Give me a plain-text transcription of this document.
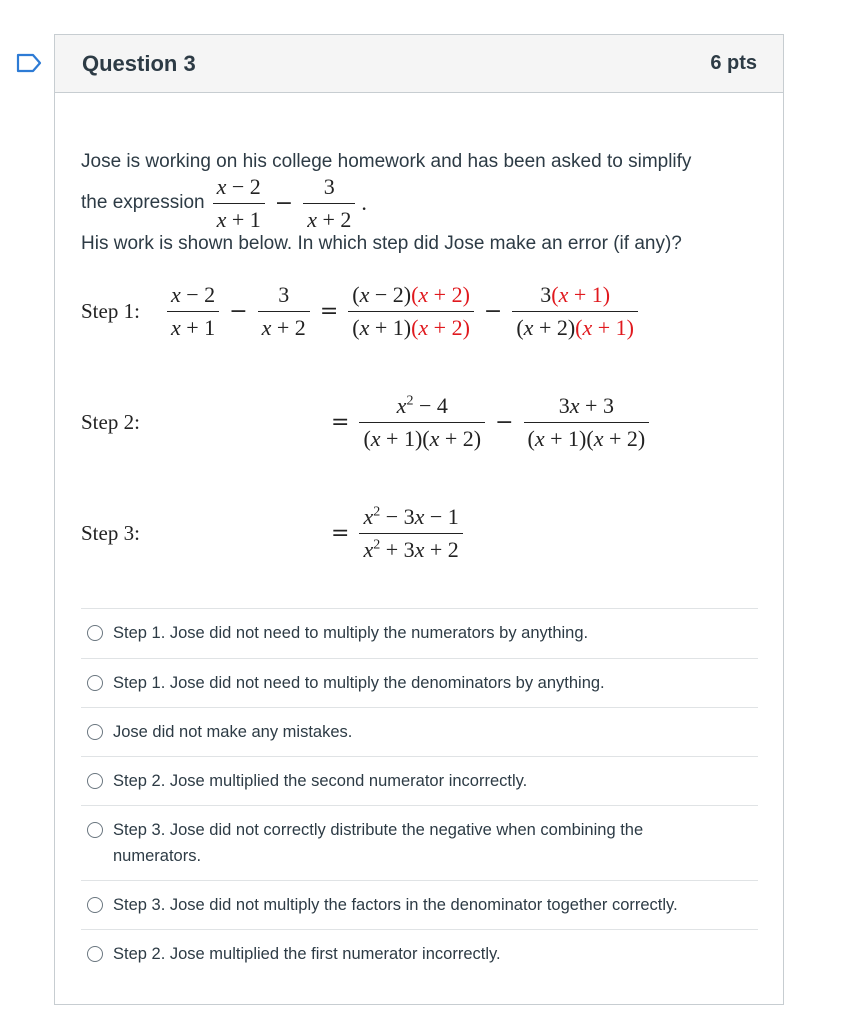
Question 3	6 pts
Jose is working on his college homework and has been asked to simplify
the expression $\frac{x - 2}{x + 1} - \frac{3}{x + 2}$ .
His work is shown below. In which step did Jose make an error (if any)?
Step 1:	$\frac{x - 2}{x + 1} - \frac{3}{x + 2} = \frac{(x - 2)(x + 2)}{(x + 1)(x + 2)} - \frac{3(x + 1)}{(x + 2)(x + 1)}$
Step 2:	= $\frac{x^2 - 4}{(x + 1)(x + 2)} - \frac{3x + 3}{(x + 1)(x + 2)}$
Step 3:	= $\frac{x^2 - 3x - 1}{x^2 + 3x + 2}$
Step 1. Jose did not need to multiply the numerators by anything.
Step 1. Jose did not need to multiply the denominators by anything.
Jose did not make any mistakes.
Step 2. Jose multiplied the second numerator incorrectly.
Step 3. Jose did not correctly distribute the negative when combining the numerators.
Step 3. Jose did not multiply the factors in the denominator together correctly.
Step 2. Jose multiplied the first numerator incorrectly.
